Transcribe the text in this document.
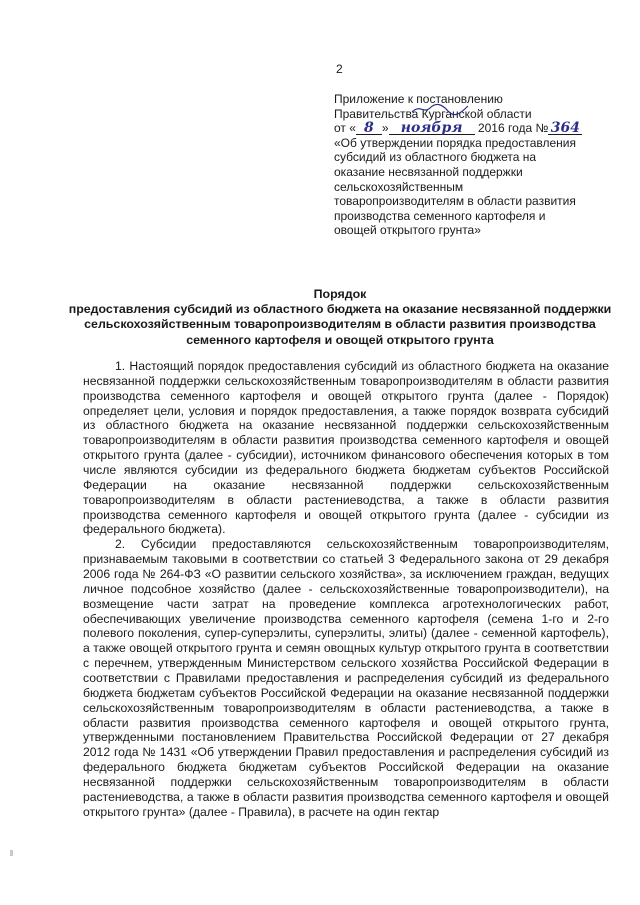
2
Приложение к постановлению
Правительства Курганской области
от « 8 » ноября 2016 года № 364
«Об утверждении порядка предоставления
субсидий из областного бюджета на
оказание несвязанной поддержки
сельскохозяйственным
товаропроизводителям в области развития
производства семенного картофеля и
овощей открытого грунта»
Порядок
предоставления субсидий из областного бюджета на оказание несвязанной поддержки сельскохозяйственным товаропроизводителям в области развития производства семенного картофеля и овощей открытого грунта

1. Настоящий порядок предоставления субсидий из областного бюджета на оказание несвязанной поддержки сельскохозяйственным товаропроизводителям в области развития производства семенного картофеля и овощей открытого грунта (далее - Порядок) определяет цели, условия и порядок предоставления, а также порядок возврата субсидий из областного бюджета на оказание несвязанной поддержки сельскохозяйственным товаропроизводителям в области развития производства семенного картофеля и овощей открытого грунта (далее - субсидии), источником финансового обеспечения которых в том числе являются субсидии из федерального бюджета бюджетам субъектов Российской Федерации на оказание несвязанной поддержки сельскохозяйственным товаропроизводителям в области растениеводства, а также в области развития производства семенного картофеля и овощей открытого грунта (далее - субсидии из федерального бюджета).

2. Субсидии предоставляются сельскохозяйственным товаропроизводителям, признаваемым таковыми в соответствии со статьей 3 Федерального закона от 29 декабря 2006 года № 264-ФЗ «О развитии сельского хозяйства», за исключением граждан, ведущих личное подсобное хозяйство (далее - сельскохозяйственные товаропроизводители), на возмещение части затрат на проведение комплекса агротехнологических работ, обеспечивающих увеличение производства семенного картофеля (семена 1-го и 2-го полевого поколения, супер-суперэлиты, суперэлиты, элиты) (далее - семенной картофель), а также овощей открытого грунта и семян овощных культур открытого грунта в соответствии с перечнем, утвержденным Министерством сельского хозяйства Российской Федерации в соответствии с Правилами предоставления и распределения субсидий из федерального бюджета бюджетам субъектов Российской Федерации на оказание несвязанной поддержки сельскохозяйственным товаропроизводителям в области растениеводства, а также в области развития производства семенного картофеля и овощей открытого грунта, утвержденными постановлением Правительства Российской Федерации от 27 декабря 2012 года № 1431 «Об утверждении Правил предоставления и распределения субсидий из федерального бюджета бюджетам субъектов Российской Федерации на оказание несвязанной поддержки сельскохозяйственным товаропроизводителям в области растениеводства, а также в области развития производства семенного картофеля и овощей открытого грунта» (далее - Правила), в расчете на один гектар
